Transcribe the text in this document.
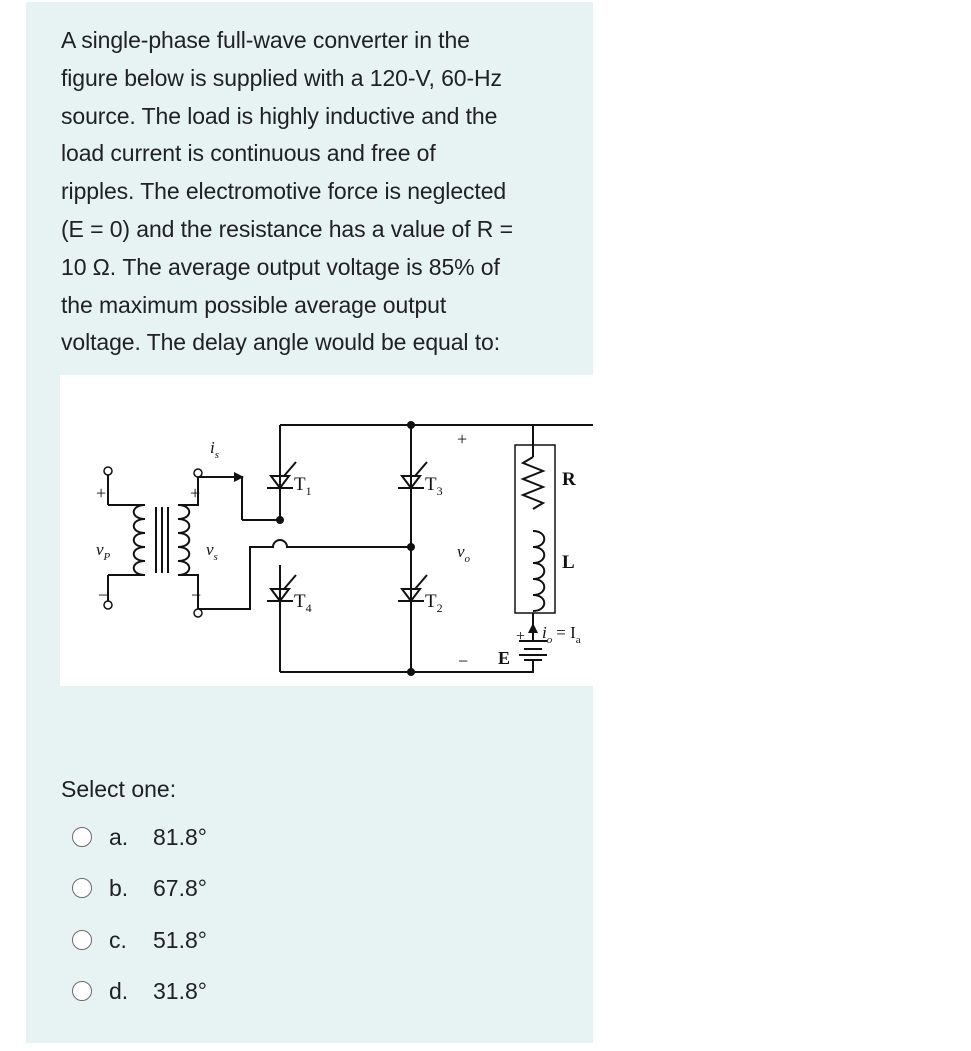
A single-phase full-wave converter in the
figure below is supplied with a 120-V, 60-Hz
source. The load is highly inductive and the
load current is continuous and free of
ripples. The electromotive force is neglected
(E = 0) and the resistance has a value of R =
10 Ω. The average output voltage is 85% of
the maximum possible average output
voltage. The delay angle would be equal to:
$i_s$
+	+
$v_P$	$v_s$
−	−
$T_1$	$T_3$
$T_4$	$T_2$
+
$v_o$
−
R
L
E
+ $i_o = I_a$
Select one:
a.	81.8°
b.	67.8°
c.	51.8°
d.	31.8°
